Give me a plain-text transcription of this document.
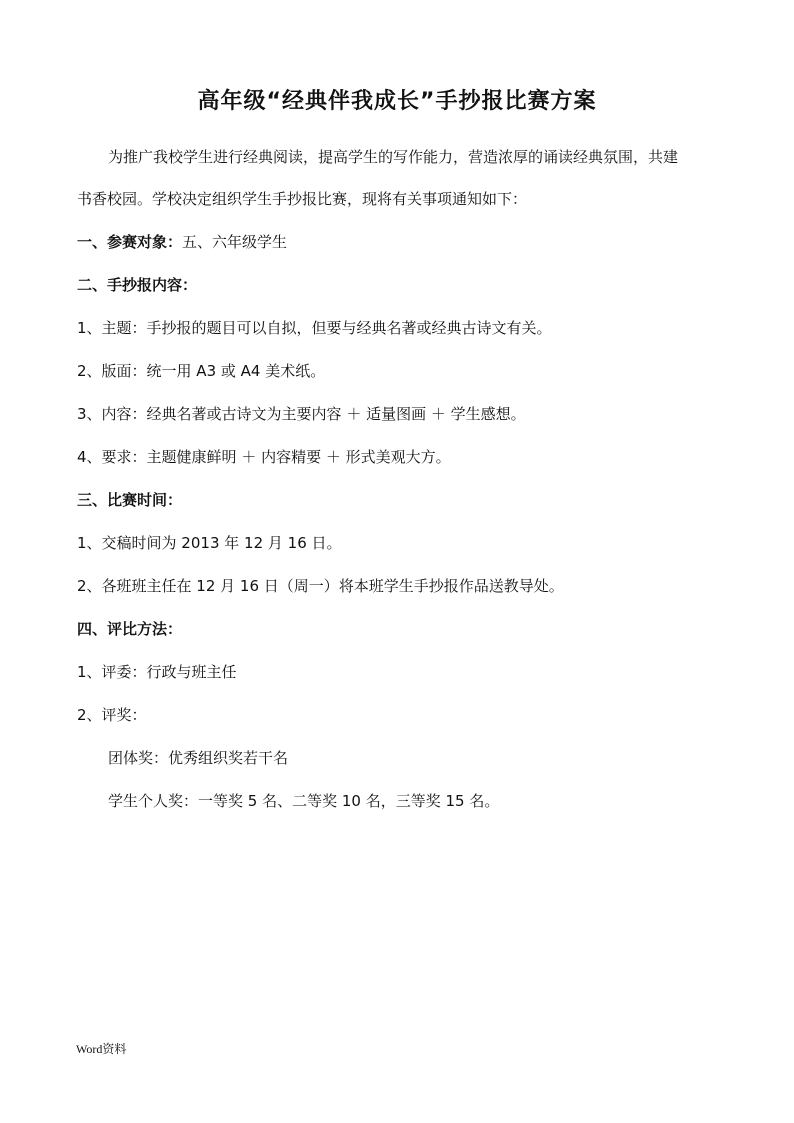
高年级“经典伴我成长”手抄报比赛方案
为推广我校学生进行经典阅读，提高学生的写作能力，营造浓厚的诵读经典氛围，共建
书香校园。学校决定组织学生手抄报比赛，现将有关事项通知如下：
一、参赛对象：五、六年级学生
二、手抄报内容：
1、主题：手抄报的题目可以自拟，但要与经典名著或经典古诗文有关。
2、版面：统一用 A3 或 A4 美术纸。
3、内容：经典名著或古诗文为主要内容 ＋ 适量图画 ＋ 学生感想。
4、要求：主题健康鲜明 ＋ 内容精要 ＋ 形式美观大方。
三、比赛时间：
1、交稿时间为 2013 年 12 月 16 日。
2、各班班主任在 12 月 16 日（周一）将本班学生手抄报作品送教导处。
四、评比方法：
1、评委：行政与班主任
2、评奖：
团体奖：优秀组织奖若干名
学生个人奖：一等奖 5 名、二等奖 10 名，三等奖 15 名。
Word资料
